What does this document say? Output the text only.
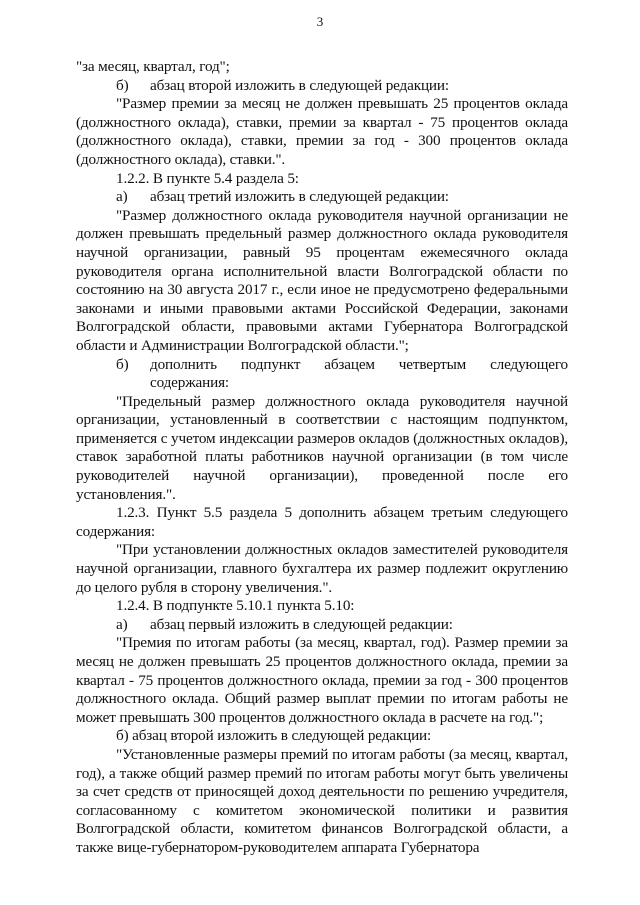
3

"за месяц, квартал, год";

б)	абзац второй изложить в следующей редакции:

"Размер премии за месяц не должен превышать 25 процентов оклада (должностного оклада), ставки, премии за квартал - 75 процентов оклада (должностного оклада), ставки, премии за год - 300 процентов оклада (должностного оклада), ставки.".

1.2.2. В пункте 5.4 раздела 5:

а)	абзац третий изложить в следующей редакции:

"Размер должностного оклада руководителя научной организации не должен превышать предельный размер должностного оклада руководителя научной организации, равный 95 процентам ежемесячного оклада руководителя органа исполнительной власти Волгоградской области по состоянию на 30 августа 2017 г., если иное не предусмотрено федеральными законами и иными правовыми актами Российской Федерации, законами Волгоградской области, правовыми актами Губернатора Волгоградской области и Администрации Волгоградской области.";

б)	дополнить подпункт абзацем четвертым следующего содержания:

"Предельный размер должностного оклада руководителя научной организации, установленный в соответствии с настоящим подпунктом, применяется с учетом индексации размеров окладов (должностных окладов), ставок заработной платы работников научной организации (в том числе руководителей научной организации), проведенной после его установления.".

1.2.3. Пункт 5.5 раздела 5 дополнить абзацем третьим следующего содержания:

"При установлении должностных окладов заместителей руководителя научной организации, главного бухгалтера их размер подлежит округлению до целого рубля в сторону увеличения.".

1.2.4. В подпункте 5.10.1 пункта 5.10:

а)	абзац первый изложить в следующей редакции:

"Премия по итогам работы (за месяц, квартал, год). Размер премии за месяц не должен превышать 25 процентов должностного оклада, премии за квартал - 75 процентов должностного оклада, премии за год - 300 процентов должностного оклада. Общий размер выплат премии по итогам работы не может превышать 300 процентов должностного оклада в расчете на год.";

б) абзац второй изложить в следующей редакции:

"Установленные размеры премий по итогам работы (за месяц, квартал, год), а также общий размер премий по итогам работы могут быть увеличены за счет средств от приносящей доход деятельности по решению учредителя, согласованному с комитетом экономической политики и развития Волгоградской области, комитетом финансов Волгоградской области, а также вице-губернатором-руководителем аппарата Губернатора
